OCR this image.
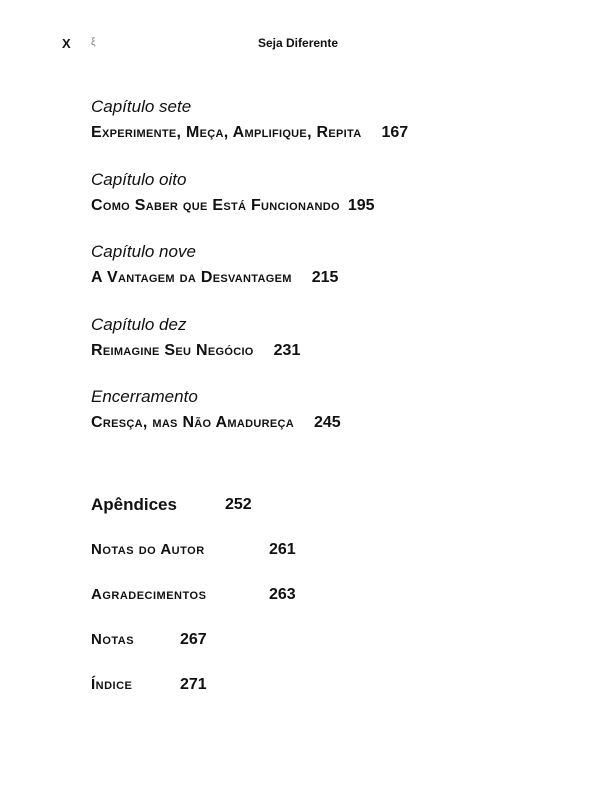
X ξ	Seja Diferente
Capítulo sete
Experimente, Meça, Amplifique, Repita 167
Capítulo oito
Como Saber que Está Funcionando 195
Capítulo nove
A Vantagem da Desvantagem 215
Capítulo dez
Reimagine Seu Negócio 231
Encerramento
Cresça, mas Não Amadureça 245
Apêndices	252
Notas do Autor	261
Agradecimentos	263
Notas	267
Índice	271
